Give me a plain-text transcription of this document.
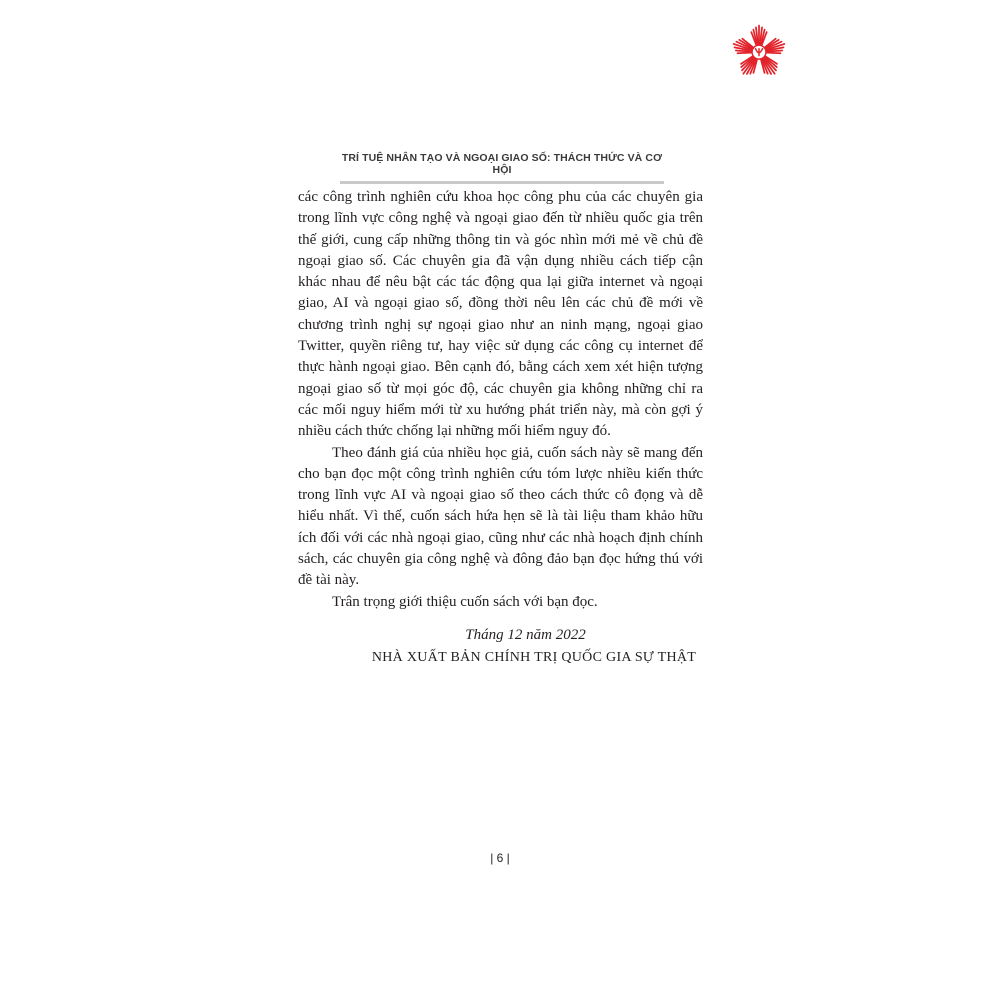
TRÍ TUỆ NHÂN TẠO VÀ NGOẠI GIAO SỐ: THÁCH THỨC VÀ CƠ HỘI

các công trình nghiên cứu khoa học công phu của các chuyên gia trong lĩnh vực công nghệ và ngoại giao đến từ nhiều quốc gia trên thế giới, cung cấp những thông tin và góc nhìn mới mẻ về chủ đề ngoại giao số. Các chuyên gia đã vận dụng nhiều cách tiếp cận khác nhau để nêu bật các tác động qua lại giữa internet và ngoại giao, AI và ngoại giao số, đồng thời nêu lên các chủ đề mới về chương trình nghị sự ngoại giao như an ninh mạng, ngoại giao Twitter, quyền riêng tư, hay việc sử dụng các công cụ internet để thực hành ngoại giao. Bên cạnh đó, bằng cách xem xét hiện tượng ngoại giao số từ mọi góc độ, các chuyên gia không những chỉ ra các mối nguy hiểm mới từ xu hướng phát triển này, mà còn gợi ý nhiều cách thức chống lại những mối hiểm nguy đó.

Theo đánh giá của nhiều học giả, cuốn sách này sẽ mang đến cho bạn đọc một công trình nghiên cứu tóm lược nhiều kiến thức trong lĩnh vực AI và ngoại giao số theo cách thức cô đọng và dễ hiểu nhất. Vì thế, cuốn sách hứa hẹn sẽ là tài liệu tham khảo hữu ích đối với các nhà ngoại giao, cũng như các nhà hoạch định chính sách, các chuyên gia công nghệ và đông đảo bạn đọc hứng thú với đề tài này.

Trân trọng giới thiệu cuốn sách với bạn đọc.

Tháng 12 năm 2022
NHÀ XUẤT BẢN CHÍNH TRỊ QUỐC GIA SỰ THẬT
| 6 |
